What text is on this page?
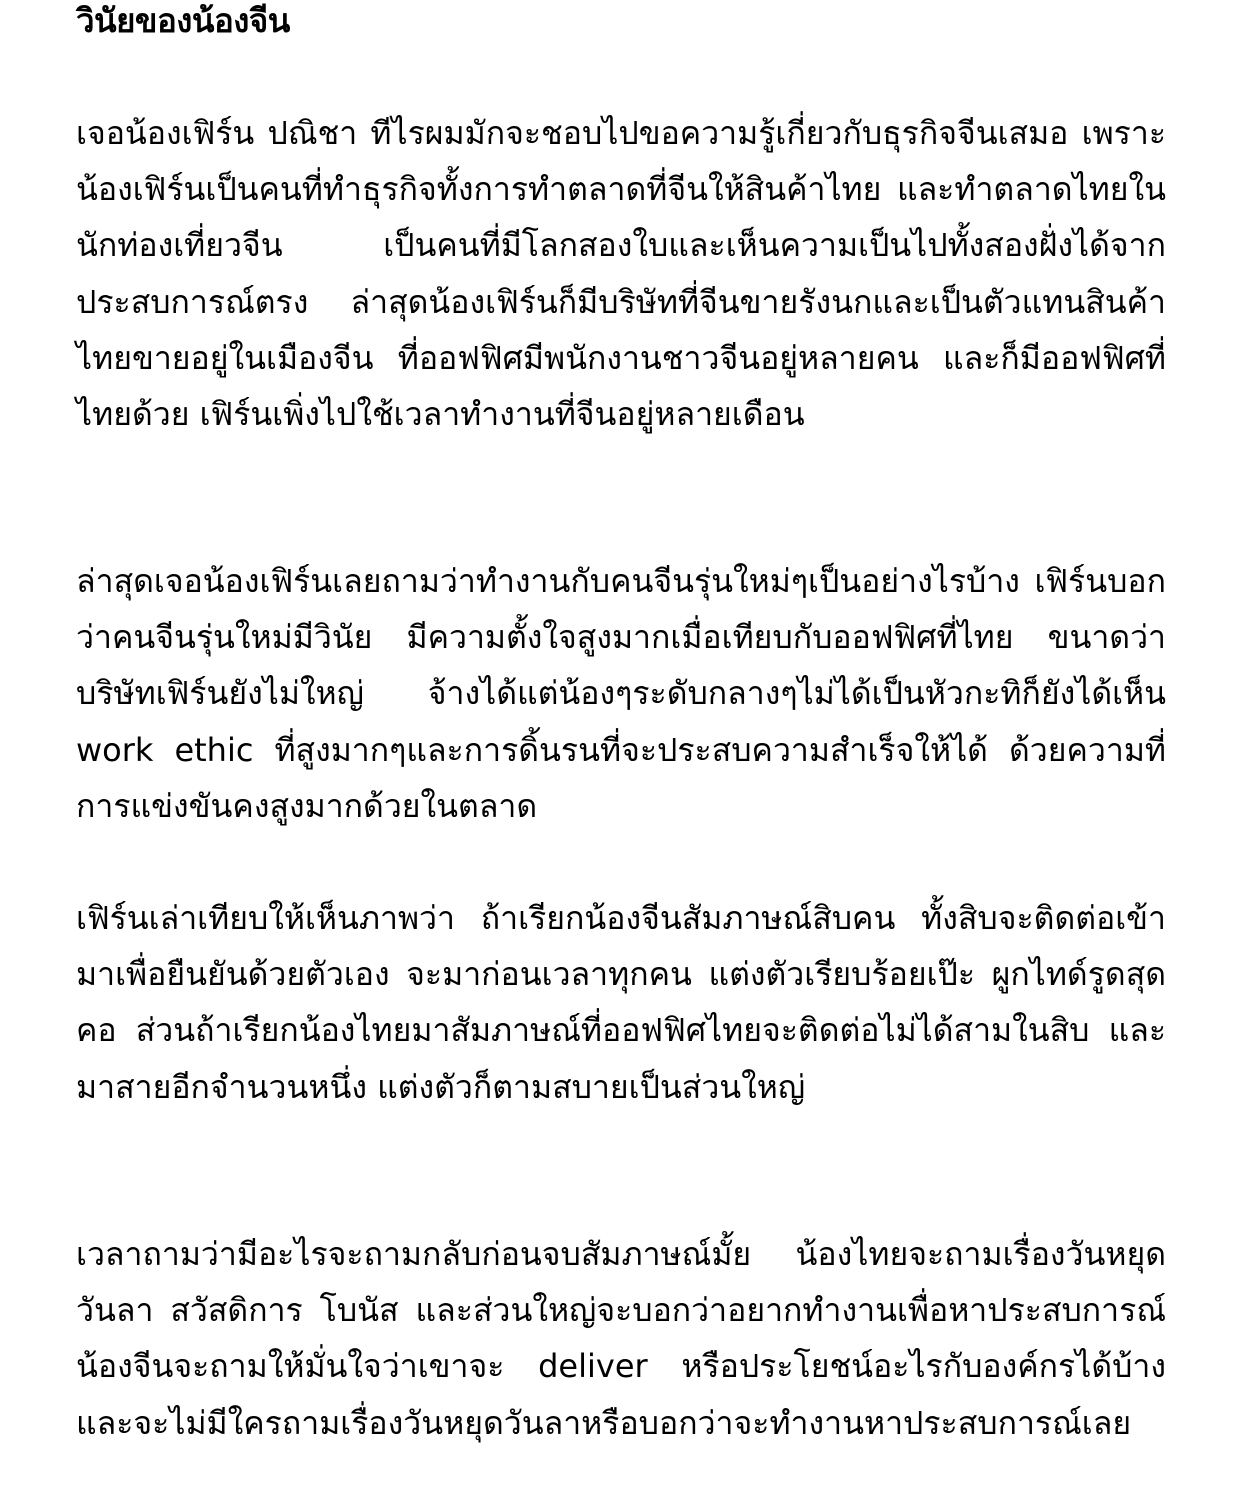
วินัยของน้องจีน

เจอน้องเฟิร์น ปณิชา ทีไรผมมักจะชอบไปขอความรู้เกี่ยวกับธุรกิจจีนเสมอ เพราะน้องเฟิร์นเป็นคนที่ทำธุรกิจทั้งการทำตลาดที่จีนให้สินค้าไทย และทำตลาดไทยในนักท่องเที่ยวจีน เป็นคนที่มีโลกสองใบและเห็นความเป็นไปทั้งสองฝั่งได้จากประสบการณ์ตรง ล่าสุดน้องเฟิร์นก็มีบริษัทที่จีนขายรังนกและเป็นตัวแทนสินค้าไทยขายอยู่ในเมืองจีน ที่ออฟฟิศมีพนักงานชาวจีนอยู่หลายคน และก็มีออฟฟิศที่ไทยด้วย เฟิร์นเพิ่งไปใช้เวลาทำงานที่จีนอยู่หลายเดือน

ล่าสุดเจอน้องเฟิร์นเลยถามว่าทำงานกับคนจีนรุ่นใหม่ๆเป็นอย่างไรบ้าง เฟิร์นบอกว่าคนจีนรุ่นใหม่มีวินัย มีความตั้งใจสูงมากเมื่อเทียบกับออฟฟิศที่ไทย ขนาดว่าบริษัทเฟิร์นยังไม่ใหญ่ จ้างได้แต่น้องๆระดับกลางๆไม่ได้เป็นหัวกะทิก็ยังได้เห็น work ethic ที่สูงมากๆและการดิ้นรนที่จะประสบความสำเร็จให้ได้ ด้วยความที่การแข่งขันคงสูงมากด้วยในตลาด

เฟิร์นเล่าเทียบให้เห็นภาพว่า ถ้าเรียกน้องจีนสัมภาษณ์สิบคน ทั้งสิบจะติดต่อเข้ามาเพื่อยืนยันด้วยตัวเอง จะมาก่อนเวลาทุกคน แต่งตัวเรียบร้อยเป๊ะ ผูกไทด์รูดสุดคอ ส่วนถ้าเรียกน้องไทยมาสัมภาษณ์ที่ออฟฟิศไทยจะติดต่อไม่ได้สามในสิบ และมาสายอีกจำนวนหนึ่ง แต่งตัวก็ตามสบายเป็นส่วนใหญ่

เวลาถามว่ามีอะไรจะถามกลับก่อนจบสัมภาษณ์มั้ย น้องไทยจะถามเรื่องวันหยุดวันลา สวัสดิการ โบนัส และส่วนใหญ่จะบอกว่าอยากทำงานเพื่อหาประสบการณ์ น้องจีนจะถามให้มั่นใจว่าเขาจะ deliver หรือประโยชน์อะไรกับองค์กรได้บ้างและจะไม่มีใครถามเรื่องวันหยุดวันลาหรือบอกว่าจะทำงานหาประสบการณ์เลย
